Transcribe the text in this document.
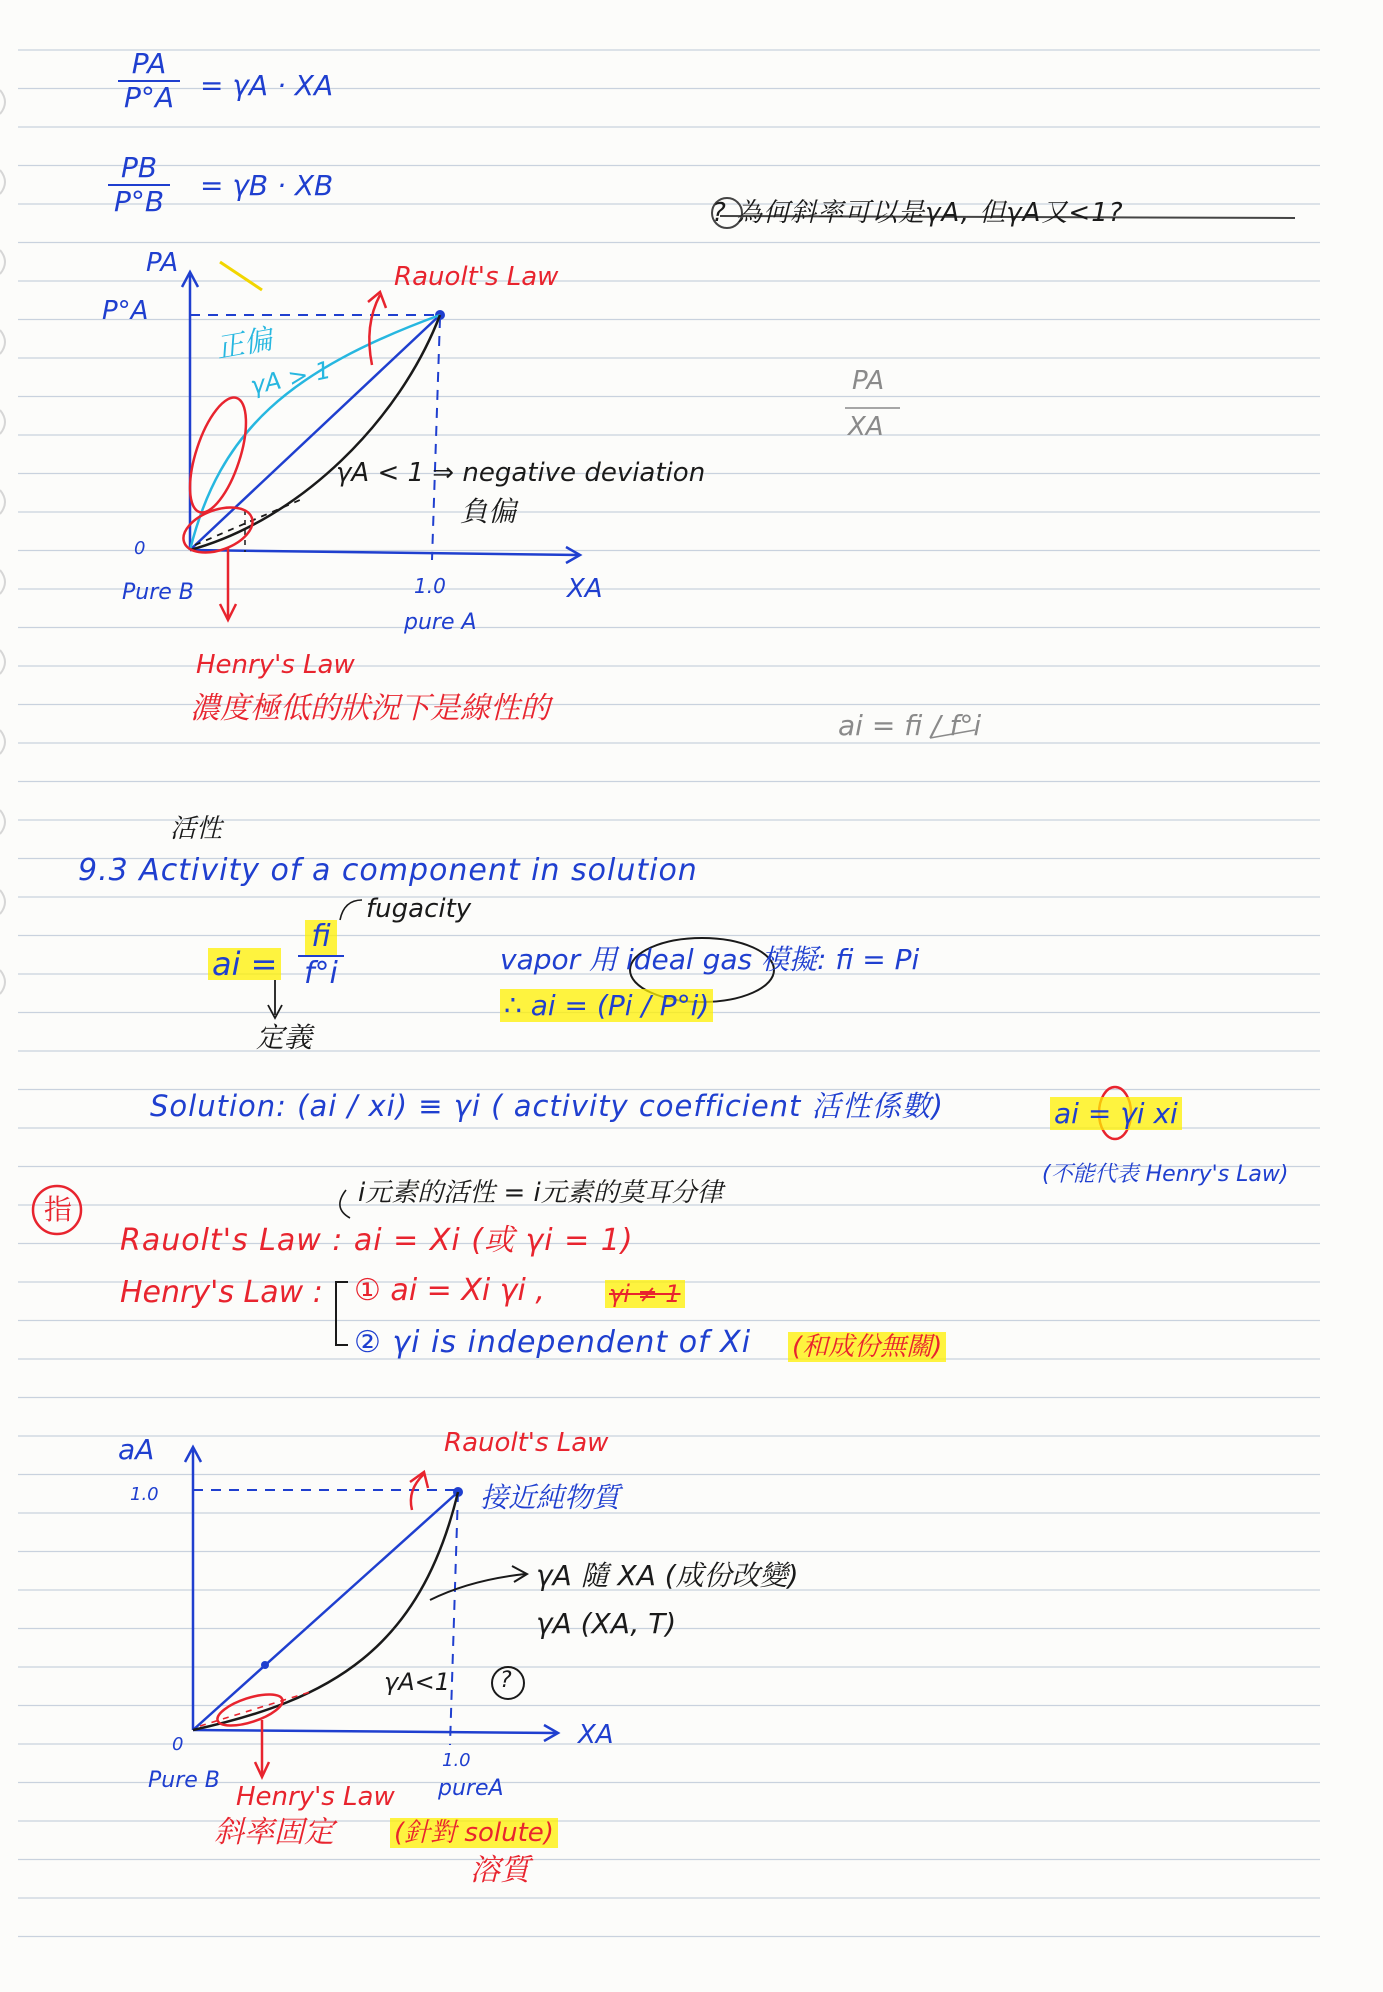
PA
P°A = γA · XA
PB
P°B = γB · XB
? 為何斜率可以是γA, 但γA又<1?
PA
XA
ai = fi / f°i
PA
P°A
0
1.0	XA
Pure B
pure A
Rauolt's Law
正偏
γA > 1
γA < 1 ⇒ negative deviation
負偏
Henry's Law
濃度極低的狀況下是線性的
活性
9.3 Activity of a component in solution
fugacity
ai =
fi
f°i
定義
vapor 用 ideal gas 模擬: fi = Pi
∴ ai = (Pi / P°i)
Solution: (ai / xi) ≡ γi ( activity coefficient 活性係數)	ai = γi xi
(不能代表 Henry's Law)
指	i元素的活性 = i元素的莫耳分律
Rauolt's Law : ai = Xi (或 γi = 1)
Henry's Law : ① ai = Xi γi ,	γi ≠ 1
② γi is independent of Xi (和成份無關)
aA
1.0
0
1.0
XA
Pure B	pureA
Rauolt's Law
接近純物質
γA 隨 XA (成份改變)
γA (XA, T)
γA<1 ?
Henry's Law
斜率固定 (針對 solute)
溶質
